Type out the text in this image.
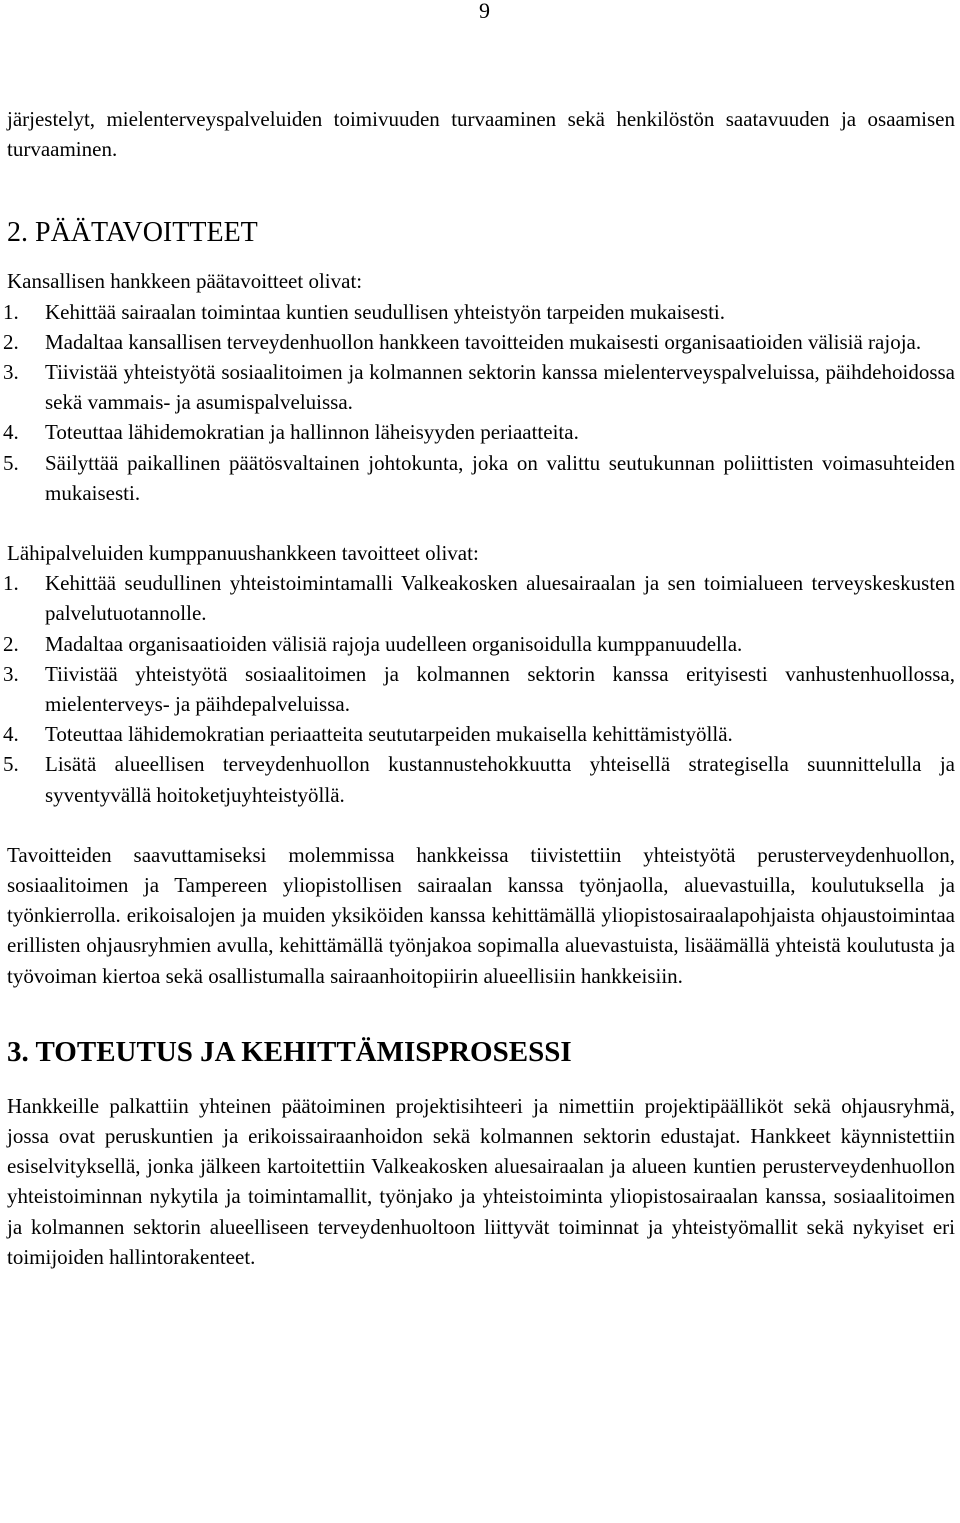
9

järjestelyt, mielenterveyspalveluiden toimivuuden turvaaminen sekä henkilöstön saatavuuden ja osaamisen turvaaminen.

2. PÄÄTAVOITTEET

Kansallisen hankkeen päätavoitteet olivat:

1.	Kehittää sairaalan toimintaa kuntien seudullisen yhteistyön tarpeiden mukaisesti.
2.	Madaltaa kansallisen terveydenhuollon hankkeen tavoitteiden mukaisesti organisaatioiden välisiä rajoja.
3.	Tiivistää yhteistyötä sosiaalitoimen ja kolmannen sektorin kanssa mielenterveyspalveluissa, päihdehoidossa sekä vammais- ja asumispalveluissa.
4.	Toteuttaa lähidemokratian ja hallinnon läheisyyden periaatteita.
5.	Säilyttää paikallinen päätösvaltainen johtokunta, joka on valittu seutukunnan poliittisten voimasuhteiden mukaisesti.

Lähipalveluiden kumppanuushankkeen tavoitteet olivat:

1.	Kehittää seudullinen yhteistoimintamalli Valkeakosken aluesairaalan ja sen toimialueen terveyskeskusten palvelutuotannolle.
2.	Madaltaa organisaatioiden välisiä rajoja uudelleen organisoidulla kumppanuudella.
3.	Tiivistää yhteistyötä sosiaalitoimen ja kolmannen sektorin kanssa erityisesti vanhustenhuollossa, mielenterveys- ja päihdepalveluissa.
4.	Toteuttaa lähidemokratian periaatteita seututarpeiden mukaisella kehittämistyöllä.
5.	Lisätä alueellisen terveydenhuollon kustannustehokkuutta yhteisellä strategisella suunnittelulla ja syventyvällä hoitoketjuyhteistyöllä.

Tavoitteiden saavuttamiseksi molemmissa hankkeissa tiivistettiin yhteistyötä perusterveydenhuollon, sosiaalitoimen ja Tampereen yliopistollisen sairaalan kanssa työnjaolla, aluevastuilla, koulutuksella ja työnkierrolla. erikoisalojen ja muiden yksiköiden kanssa kehittämällä yliopistosairaalapohjaista ohjaustoimintaa erillisten ohjausryhmien avulla, kehittämällä työnjakoa sopimalla aluevastuista, lisäämällä yhteistä koulutusta ja työvoiman kiertoa sekä osallistumalla sairaanhoitopiirin alueellisiin hankkeisiin.

3. TOTEUTUS JA KEHITTÄMISPROSESSI

Hankkeille palkattiin yhteinen päätoiminen projektisihteeri ja nimettiin projektipäälliköt sekä ohjausryhmä, jossa ovat peruskuntien ja erikoissairaanhoidon sekä kolmannen sektorin edustajat. Hankkeet käynnistettiin esiselvityksellä, jonka jälkeen kartoitettiin Valkeakosken aluesairaalan ja alueen kuntien perusterveydenhuollon yhteistoiminnan nykytila ja toimintamallit, työnjako ja yhteistoiminta yliopistosairaalan kanssa, sosiaalitoimen ja kolmannen sektorin alueelliseen terveydenhuoltoon liittyvät toiminnat ja yhteistyömallit sekä nykyiset eri toimijoiden hallintorakenteet.
